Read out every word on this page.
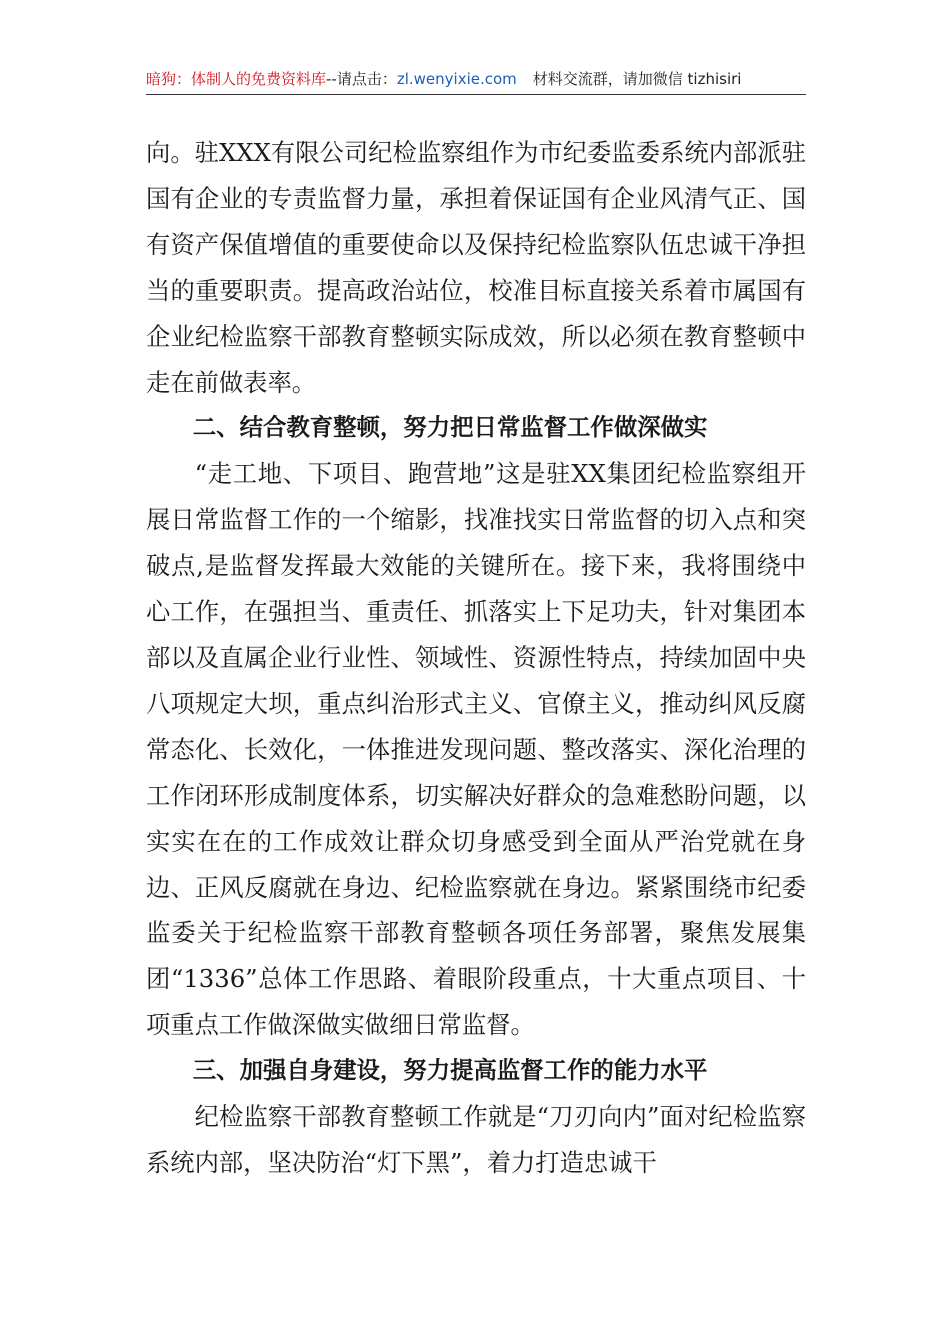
暗狗：体制人的免费资料库--请点击：zl.wenyixie.com 材料交流群，请加微信 tizhisiri

向。驻XXX有限公司纪检监察组作为市纪委监委系统内部派驻国有企业的专责监督力量，承担着保证国有企业风清气正、国有资产保值增值的重要使命以及保持纪检监察队伍忠诚干净担当的重要职责。提高政治站位，校准目标直接关系着市属国有企业纪检监察干部教育整顿实际成效，所以必须在教育整顿中走在前做表率。

二、结合教育整顿，努力把日常监督工作做深做实

“走工地、下项目、跑营地”这是驻XX集团纪检监察组开展日常监督工作的一个缩影，找准找实日常监督的切入点和突破点,是监督发挥最大效能的关键所在。接下来，我将围绕中心工作，在强担当、重责任、抓落实上下足功夫，针对集团本部以及直属企业行业性、领域性、资源性特点，持续加固中央八项规定大坝，重点纠治形式主义、官僚主义，推动纠风反腐常态化、长效化，一体推进发现问题、整改落实、深化治理的工作闭环形成制度体系，切实解决好群众的急难愁盼问题，以实实在在的工作成效让群众切身感受到全面从严治党就在身边、正风反腐就在身边、纪检监察就在身边。紧紧围绕市纪委监委关于纪检监察干部教育整顿各项任务部署，聚焦发展集团“1336”总体工作思路、着眼阶段重点，十大重点项目、十项重点工作做深做实做细日常监督。

三、加强自身建设，努力提高监督工作的能力水平

纪检监察干部教育整顿工作就是“刀刃向内”面对纪检监察系统内部，坚决防治“灯下黑”，着力打造忠诚干
